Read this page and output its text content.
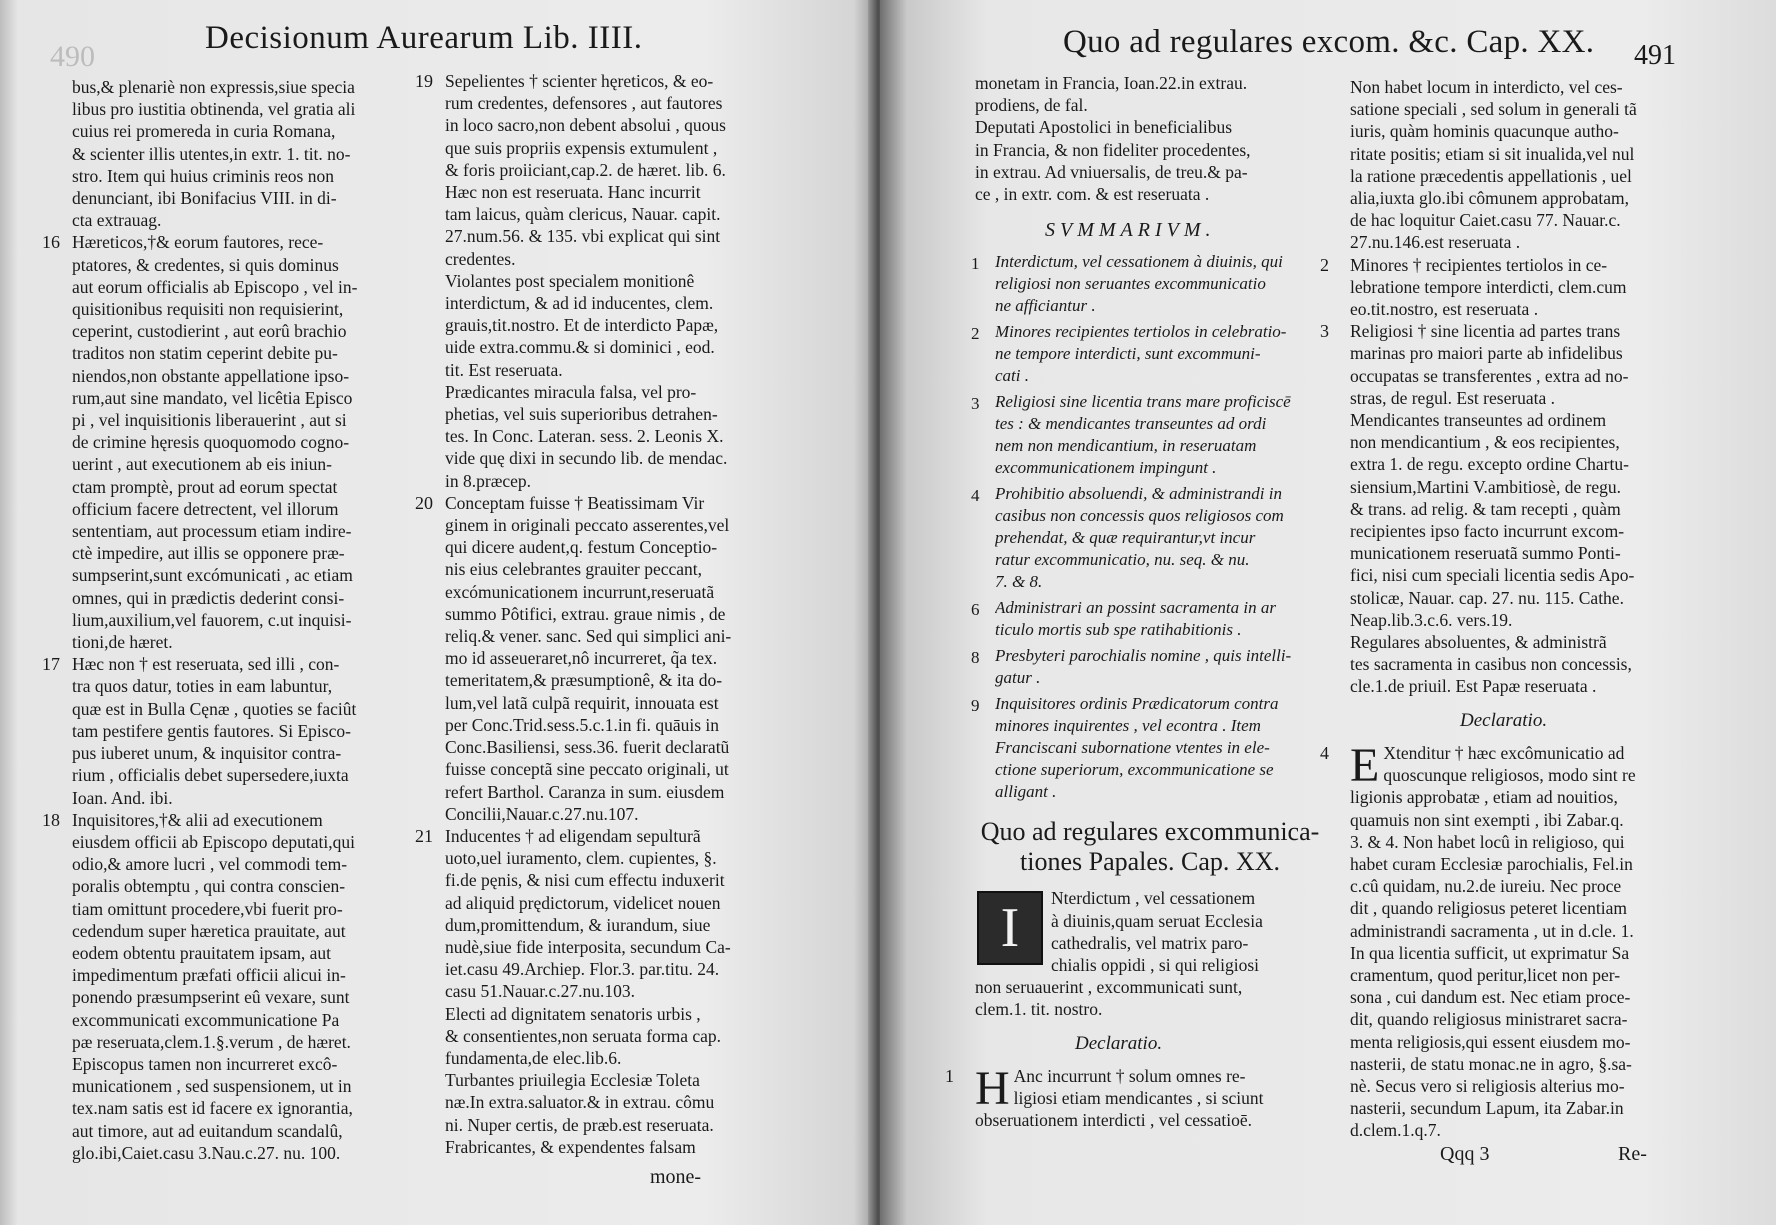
490
Decisionum Aurearum Lib. IIII.
bus,& plenariè non expressis,siue specia
libus pro iustitia obtinenda, vel gratia ali
cuius rei promereda in curia Romana,
& scienter illis utentes,in extr. 1. tit. no-
stro. Item qui huius criminis reos non
denunciant, ibi Bonifacius VIII. in di-
cta extrauag.
16 Hæreticos,†& eorum fautores, rece-
ptatores, & credentes, si quis dominus
aut eorum officialis ab Episcopo , vel in-
quisitionibus requisiti non requisierint,
ceperint, custodierint , aut eorû brachio
traditos non statim ceperint debite pu-
niendos,non obstante appellatione ipso-
rum,aut sine mandato, vel licêtia Episco
pi , vel inquisitionis liberauerint , aut si
de crimine hęresis quoquomodo cogno-
uerint , aut executionem ab eis iniun-
ctam promptè, prout ad eorum spectat
officium facere detrectent, vel illorum
sententiam, aut processum etiam indire-
ctè impedire, aut illis se opponere præ-
sumpserint,sunt excómunicati , ac etiam
omnes, qui in prædictis dederint consi-
lium,auxilium,vel fauorem, c.ut inquisi-
tioni,de hæret.
17 Hæc non † est reseruata, sed illi , con-
tra quos datur, toties in eam labuntur,
quæ est in Bulla Cęnæ , quoties se faciût
tam pestifere gentis fautores. Si Episco-
pus iuberet unum, & inquisitor contra-
rium , officialis debet supersedere,iuxta
Ioan. And. ibi.
18 Inquisitores,†& alii ad executionem
eiusdem officii ab Episcopo deputati,qui
odio,& amore lucri , vel commodi tem-
poralis obtemptu , qui contra conscien-
tiam omittunt procedere,vbi fuerit pro-
cedendum super hæretica prauitate, aut
eodem obtentu prauitatem ipsam, aut
impedimentum præfati officii alicui in-
ponendo præsumpserint eû vexare, sunt
excommunicati excommunicatione Pa
pæ reseruata,clem.1.§.verum , de hæret.
Episcopus tamen non incurreret excô-
municationem , sed suspensionem, ut in
tex.nam satis est id facere ex ignorantia,
aut timore, aut ad euitandum scandalû,
glo.ibi,Caiet.casu 3.Nau.c.27. nu. 100.
19 Sepelientes † scienter hęreticos, & eo-
rum credentes, defensores , aut fautores
in loco sacro,non debent absolui , quous
que suis propriis expensis extumulent ,
& foris proiiciant,cap.2. de hæret. lib. 6.
Hæc non est reseruata. Hanc incurrit
tam laicus, quàm clericus, Nauar. capit.
27.num.56. & 135. vbi explicat qui sint
credentes.
Violantes post specialem monitionê
interdictum, & ad id inducentes, clem.
grauis,tit.nostro. Et de interdicto Papæ,
uide extra.commu.& si dominici , eod.
tit. Est reseruata.
Prædicantes miracula falsa, vel pro-
phetias, vel suis superioribus detrahen-
tes. In Conc. Lateran. sess. 2. Leonis X.
vide quę dixi in secundo lib. de mendac.
in 8.præcep.
20 Conceptam fuisse † Beatissimam Vir
ginem in originali peccato asserentes,vel
qui dicere audent,q. festum Conceptio-
nis eius celebrantes grauiter peccant,
excómunicationem incurrunt,reseruatã
summo Pôtifici, extrau. graue nimis , de
reliq.& vener. sanc. Sed qui simplici ani-
mo id asseueraret,nô incurreret, q̃a tex.
temeritatem,& præsumptionê, & ita do-
lum,vel latã culpã requirit, innouata est
per Conc.Trid.sess.5.c.1.in fi. quāuis in
Conc.Basiliensi, sess.36. fuerit declaratũ
fuisse conceptã sine peccato originali, ut
refert Barthol. Caranza in sum. eiusdem
Concilii,Nauar.c.27.nu.107.
21 Inducentes † ad eligendam sepulturã
uoto,uel iuramento, clem. cupientes, §.
fi.de pęnis, & nisi cum effectu induxerit
ad aliquid prędictorum, videlicet nouen
dum,promittendum, & iurandum, siue
nudè,siue fide interposita, secundum Ca-
iet.casu 49.Archiep. Flor.3. par.titu. 24.
casu 51.Nauar.c.27.nu.103.
Electi ad dignitatem senatoris urbis ,
& consentientes,non seruata forma cap.
fundamenta,de elec.lib.6.
Turbantes priuilegia Ecclesiæ Toleta
næ.In extra.saluator.& in extrau. cômu
ni. Nuper certis, de præb.est reseruata.
Frabricantes, & expendentes falsam
mone-
Quo ad regulares excom. &c. Cap. XX. 491
monetam in Francia, Ioan.22.in extrau.
prodiens, de fal.
Deputati Apostolici in beneficialibus
in Francia, & non fideliter procedentes,
in extrau. Ad vniuersalis, de treu.& pa-
ce , in extr. com. & est reseruata .
SVMMARIVM.
1 Interdictum, vel cessationem à diuinis, qui
religiosi non seruantes excommunicatio
ne afficiantur .
2 Minores recipientes tertiolos in celebratio-
ne tempore interdicti, sunt excommuni-
cati .
3 Religiosi sine licentia trans mare proficiscē
tes : & mendicantes transeuntes ad ordi
nem non mendicantium, in reseruatam
excommunicationem impingunt .
4 Prohibitio absoluendi, & administrandi in
casibus non concessis quos religiosos com
prehendat, & quæ requirantur,vt incur
ratur excommunicatio, nu. seq. & nu.
7. & 8.
6 Administrari an possint sacramenta in ar
ticulo mortis sub spe ratihabitionis .
8 Presbyteri parochialis nomine , quis intelli-
gatur .
9 Inquisitores ordinis Prædicatorum contra
minores inquirentes , vel econtra . Item
Franciscani subornatione vtentes in ele-
ctione superiorum, excommunicatione se
alligant .
Quo ad regulares excommunica-
tiones Papales. Cap. XX.
I	Nterdictum , vel cessationem
à diuinis,quam seruat Ecclesia
cathedralis, vel matrix paro-
chialis oppidi , si qui religiosi
non seruauerint , excommunicati sunt,
clem.1. tit. nostro.
Declaratio.
1 H Anc incurrunt † solum omnes re-
ligiosi etiam mendicantes , si sciunt
obseruationem interdicti , vel cessatioē.
Non habet locum in interdicto, vel ces-
satione speciali , sed solum in generali tã
iuris, quàm hominis quacunque autho-
ritate positis; etiam si sit inualida,vel nul
la ratione præcedentis appellationis , uel
alia,iuxta glo.ibi cômunem approbatam,
de hac loquitur Caiet.casu 77. Nauar.c.
27.nu.146.est reseruata .
2 Minores † recipientes tertiolos in ce-
lebratione tempore interdicti, clem.cum
eo.tit.nostro, est reseruata .
3 Religiosi † sine licentia ad partes trans
marinas pro maiori parte ab infidelibus
occupatas se transferentes , extra ad no-
stras, de regul. Est reseruata .
Mendicantes transeuntes ad ordinem
non mendicantium , & eos recipientes,
extra 1. de regu. excepto ordine Chartu-
siensium,Martini V.ambitiosè, de regu.
& trans. ad relig. & tam recepti , quàm
recipientes ipso facto incurrunt excom-
municationem reseruatã summo Ponti-
fici, nisi cum speciali licentia sedis Apo-
stolicæ, Nauar. cap. 27. nu. 115. Cathe.
Neap.lib.3.c.6. vers.19.
Regulares absoluentes, & administrã
tes sacramenta in casibus non concessis,
cle.1.de priuil. Est Papæ reseruata .
Declaratio.
4 E Xtenditur † hæc excômunicatio ad
quoscunque religiosos, modo sint re
ligionis approbatæ , etiam ad nouitios,
quamuis non sint exempti , ibi Zabar.q.
3. & 4. Non habet locû in religioso, qui
habet curam Ecclesiæ parochialis, Fel.in
c.cû quidam, nu.2.de iureiu. Nec proce
dit , quando religiosus peteret licentiam
administrandi sacramenta , ut in d.cle. 1.
In qua licentia sufficit, ut exprimatur Sa
cramentum, quod peritur,licet non per-
sona , cui dandum est. Nec etiam proce-
dit, quando religiosus ministraret sacra-
menta religiosis,qui essent eiusdem mo-
nasterii, de statu monac.ne in agro, §.sa-
nè. Secus vero si religiosis alterius mo-
nasterii, secundum Lapum, ita Zabar.in
d.clem.1.q.7.
Qqq 3	Re-
